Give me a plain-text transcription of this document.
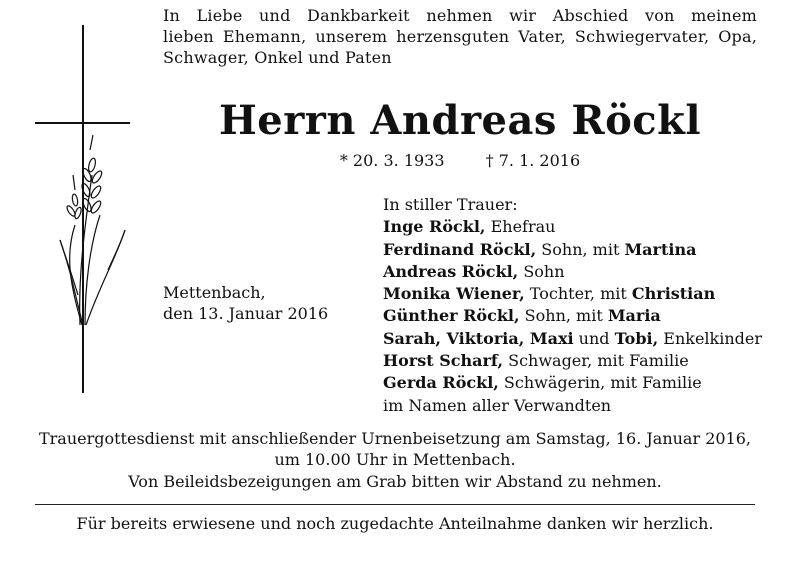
In Liebe und Dankbarkeit nehmen wir Abschied von meinem
lieben Ehemann, unserem herzensguten Vater, Schwiegervater, Opa,
Schwager, Onkel und Paten
Herrn Andreas Röckl
* 20. 3. 1933	† 7. 1. 2016
Mettenbach,
den 13. Januar 2016
In stiller Trauer:
Inge Röckl, Ehefrau
Ferdinand Röckl, Sohn, mit Martina
Andreas Röckl, Sohn
Monika Wiener, Tochter, mit Christian
Günther Röckl, Sohn, mit Maria
Sarah, Viktoria, Maxi und Tobi, Enkelkinder
Horst Scharf, Schwager, mit Familie
Gerda Röckl, Schwägerin, mit Familie
im Namen aller Verwandten
Trauergottesdienst mit anschließender Urnenbeisetzung am Samstag, 16. Januar 2016,
um 10.00 Uhr in Mettenbach.
Von Beileidsbezeigungen am Grab bitten wir Abstand zu nehmen.
Für bereits erwiesene und noch zugedachte Anteilnahme danken wir herzlich.
